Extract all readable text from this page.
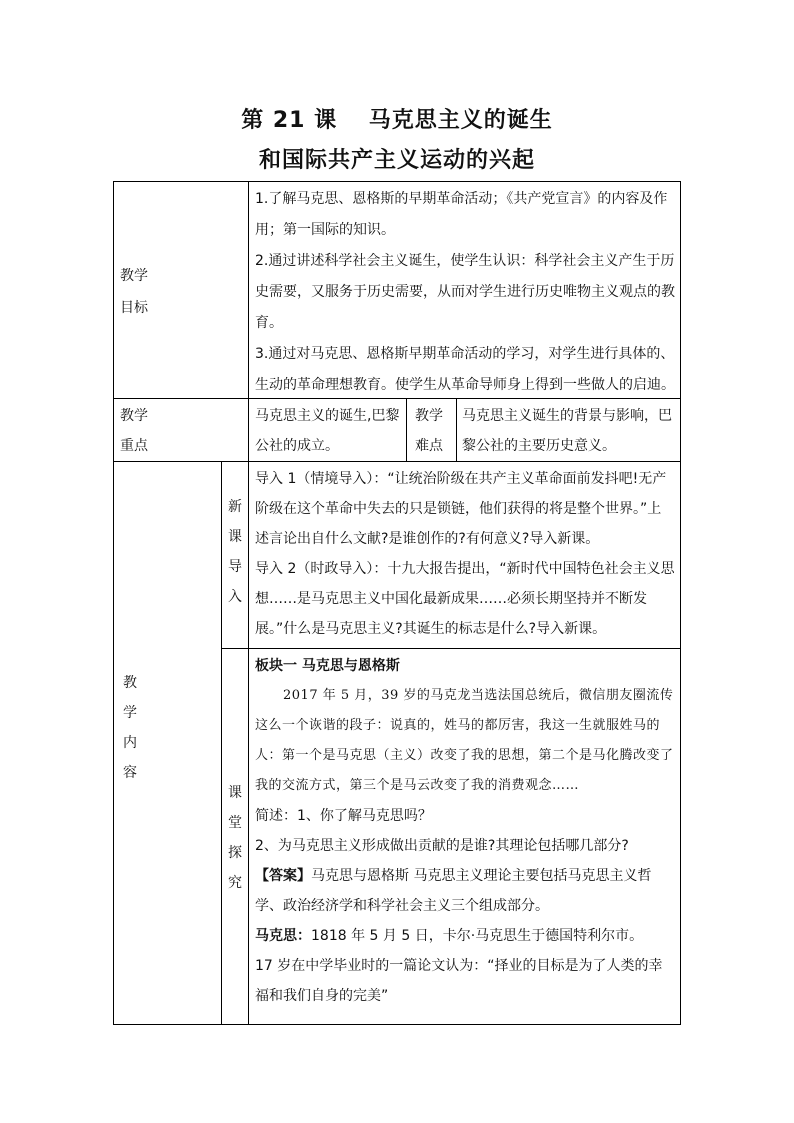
第 21 课　 马克思主义的诞生
和国际共产主义运动的兴起
教学
目标

1.了解马克思、恩格斯的早期革命活动；《共产党宣言》的内容及作用；第一国际的知识。

2.通过讲述科学社会主义诞生，使学生认识：科学社会主义产生于历史需要，又服务于历史需要，从而对学生进行历史唯物主义观点的教育。

3.通过对马克思、恩格斯早期革命活动的学习，对学生进行具体的、生动的革命理想教育。使学生从革命导师身上得到一些做人的启迪。

教学
重点
马克思主义的诞生,巴黎公社的成立。
教学
难点
马克思主义诞生的背景与影响，巴黎公社的主要历史意义。
教
学
内
容
新
课
导
入
课
堂
探
究

导入 1（情境导入）：“让统治阶级在共产主义革命面前发抖吧!无产阶级在这个革命中失去的只是锁链，他们获得的将是整个世界。”上述言论出自什么文献?是谁创作的?有何意义?导入新课。

导入 2（时政导入）：十九大报告提出，“新时代中国特色社会主义思想……是马克思主义中国化最新成果……必须长期坚持并不断发展。”什么是马克思主义?其诞生的标志是什么?导入新课。

板块一 马克思与恩格斯

2017 年 5 月，39 岁的马克龙当选法国总统后，微信朋友圈流传这么一个诙谐的段子：说真的，姓马的都厉害，我这一生就服姓马的人：第一个是马克思（主义）改变了我的思想，第二个是马化腾改变了我的交流方式，第三个是马云改变了我的消费观念……

简述：1、你了解马克思吗？

2、为马克思主义形成做出贡献的是谁?其理论包括哪几部分?

【答案】马克思与恩格斯 马克思主义理论主要包括马克思主义哲学、政治经济学和科学社会主义三个组成部分。

马克思：1818 年 5 月 5 日，卡尔·马克思生于德国特利尔市。

17 岁在中学毕业时的一篇论文认为：“择业的目标是为了人类的幸福和我们自身的完美”
